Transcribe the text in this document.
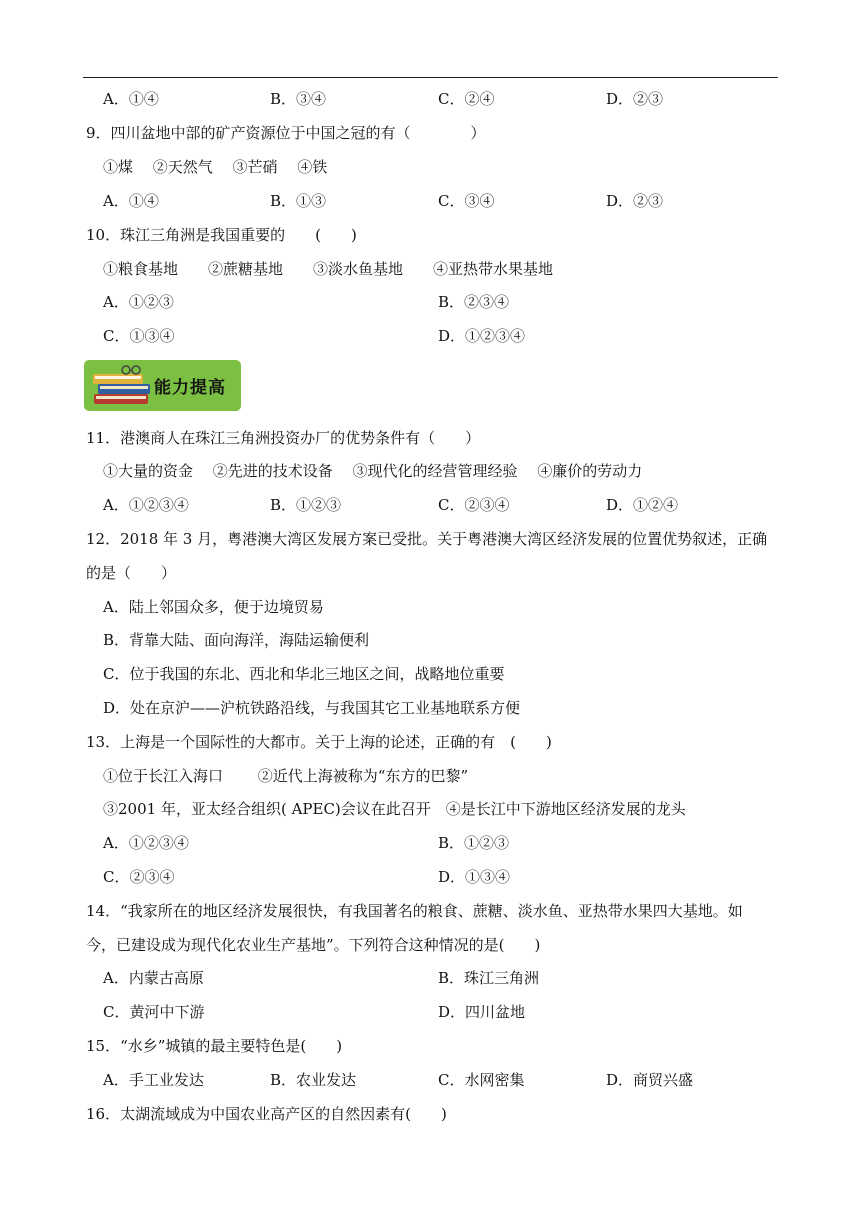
A．①④	B．③④	C．②④	D．②③
9．四川盆地中部的矿产资源位于中国之冠的有（　　　　）
①煤　 ②天然气　 ③芒硝　 ④铁
A．①④	B．①③	C．③④	D．②③
10．珠江三角洲是我国重要的　　(　　)
①粮食基地　　②蔗糖基地　　③淡水鱼基地　　④亚热带水果基地
A．①②③	B．②③④
C．①③④	D．①②③④
能力提高
11．港澳商人在珠江三角洲投资办厂的优势条件有（　　）
①大量的资金　 ②先进的技术设备　 ③现代化的经营管理经验　 ④廉价的劳动力
A．①②③④	B．①②③	C．②③④	D．①②④
12．2018 年 3 月，粤港澳大湾区发展方案已受批。关于粤港澳大湾区经济发展的位置优势叙述，正确
的是（　　）
A．陆上邻国众多，便于边境贸易
B．背靠大陆、面向海洋，海陆运输便利
C．位于我国的东北、西北和华北三地区之间，战略地位重要
D．处在京沪——沪杭铁路沿线，与我国其它工业基地联系方便
13．上海是一个国际性的大都市。关于上海的论述，正确的有　(　　)
①位于长江入海口　　 ②近代上海被称为“东方的巴黎”
③2001 年，亚太经合组织( APEC)会议在此召开　④是长江中下游地区经济发展的龙头
A．①②③④	B．①②③
C．②③④	D．①③④
14．“我家所在的地区经济发展很快，有我国著名的粮食、蔗糖、淡水鱼、亚热带水果四大基地。如
今，已建设成为现代化农业生产基地”。下列符合这种情况的是(　　)
A．内蒙古高原	B．珠江三角洲
C．黄河中下游	D．四川盆地
15．“水乡”城镇的最主要特色是(　　)
A．手工业发达	B．农业发达	C．水网密集	D．商贸兴盛
16．太湖流域成为中国农业高产区的自然因素有(　　)
